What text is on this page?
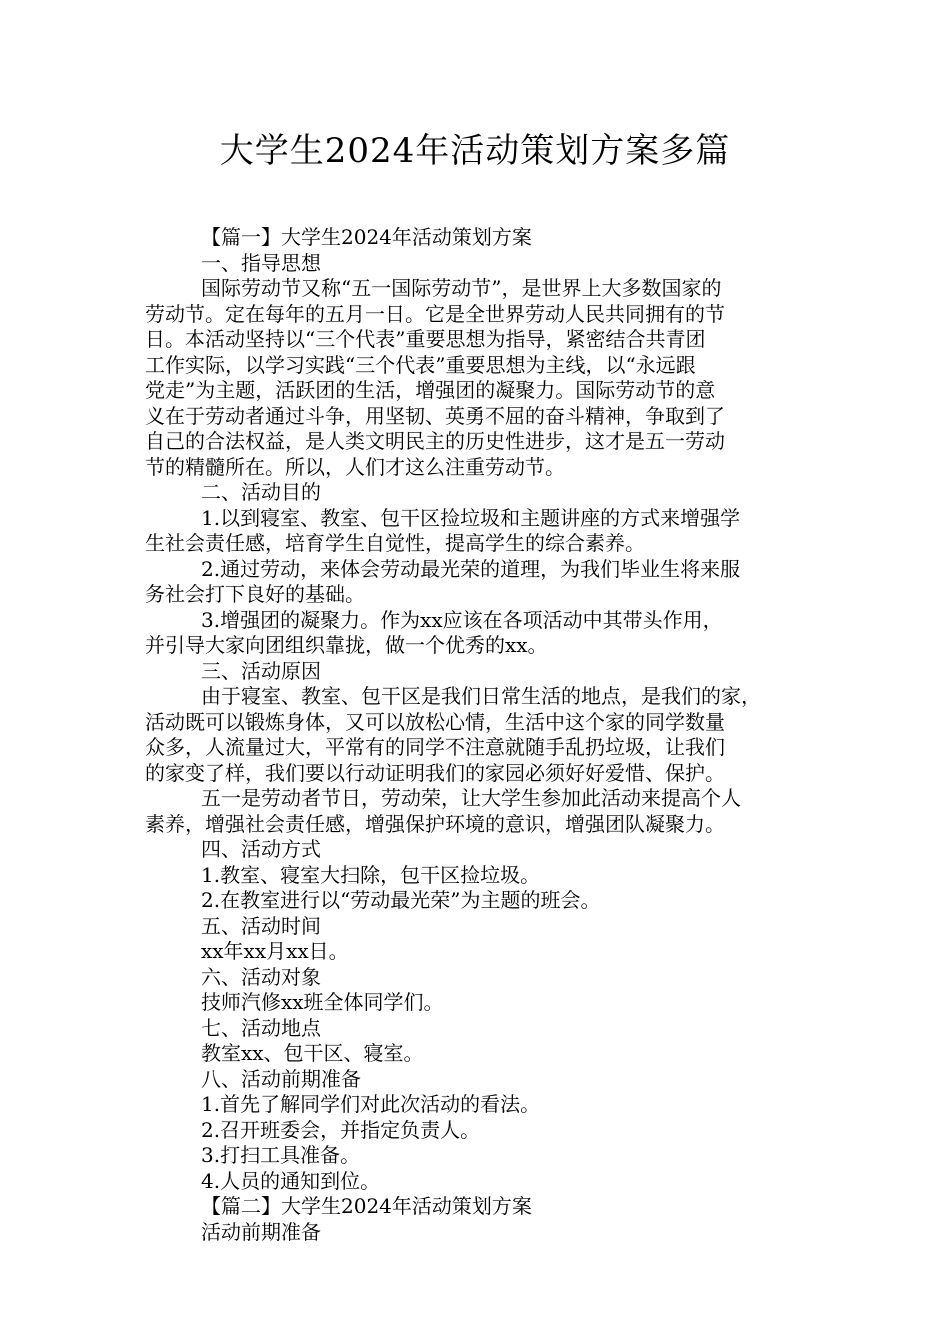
大学生2024年活动策划方案多篇
【篇一】大学生2024年活动策划方案
一、指导思想
国际劳动节又称“五一国际劳动节”，是世界上大多数国家的
劳动节。定在每年的五月一日。它是全世界劳动人民共同拥有的节
日。本活动坚持以“三个代表”重要思想为指导，紧密结合共青团
工作实际，以学习实践“三个代表”重要思想为主线，以“永远跟
党走”为主题，活跃团的生活，增强团的凝聚力。国际劳动节的意
义在于劳动者通过斗争，用坚韧、英勇不屈的奋斗精神，争取到了
自己的合法权益，是人类文明民主的历史性进步，这才是五一劳动
节的精髓所在。所以，人们才这么注重劳动节。
二、活动目的
1.以到寝室、教室、包干区捡垃圾和主题讲座的方式来增强学
生社会责任感，培育学生自觉性，提高学生的综合素养。
2.通过劳动，来体会劳动最光荣的道理，为我们毕业生将来服
务社会打下良好的基础。
3.增强团的凝聚力。作为xx应该在各项活动中其带头作用，
并引导大家向团组织靠拢，做一个优秀的xx。
三、活动原因
由于寝室、教室、包干区是我们日常生活的地点，是我们的家，
活动既可以锻炼身体，又可以放松心情，生活中这个家的同学数量
众多，人流量过大，平常有的同学不注意就随手乱扔垃圾，让我们
的家变了样，我们要以行动证明我们的家园必须好好爱惜、保护。
五一是劳动者节日，劳动荣，让大学生参加此活动来提高个人
素养，增强社会责任感，增强保护环境的意识，增强团队凝聚力。
四、活动方式
1.教室、寝室大扫除，包干区捡垃圾。
2.在教室进行以“劳动最光荣”为主题的班会。
五、活动时间
xx年xx月xx日。
六、活动对象
技师汽修xx班全体同学们。
七、活动地点
教室xx、包干区、寝室。
八、活动前期准备
1.首先了解同学们对此次活动的看法。
2.召开班委会，并指定负责人。
3.打扫工具准备。
4.人员的通知到位。
【篇二】大学生2024年活动策划方案
活动前期准备
